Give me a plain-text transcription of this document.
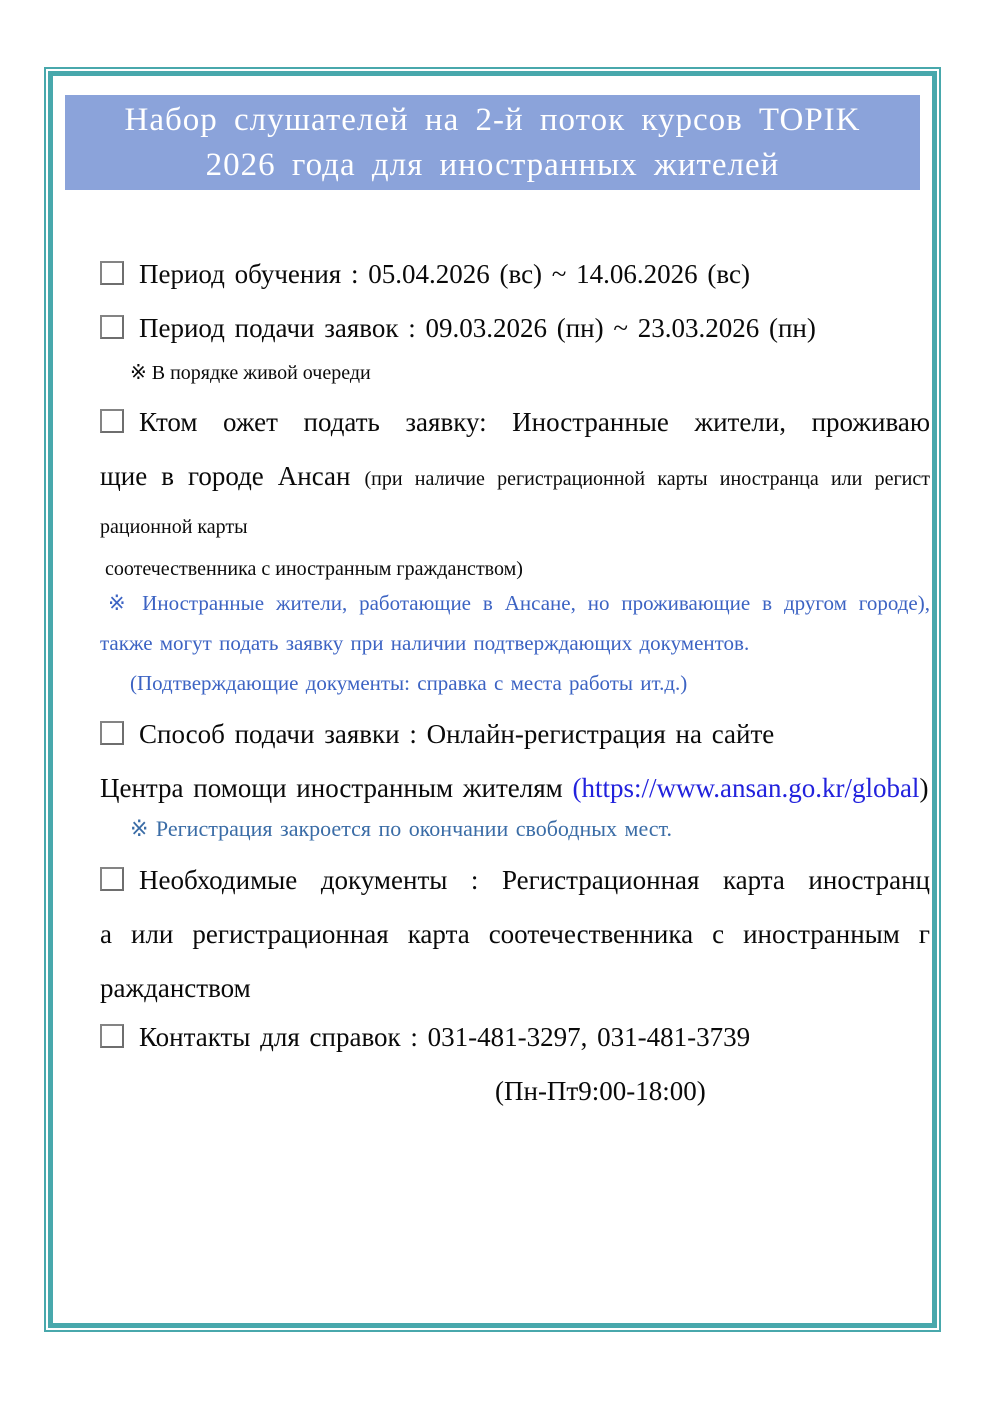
Набор слушателей на 2-й поток курсов TOPIK
2026 года для иностранных жителей
Период обучения : 05.04.2026 (вс) ~ 14.06.2026 (вс)
Период подачи заявок : 09.03.2026 (пн) ~ 23.03.2026 (пн)
※ В порядке живой очереди
Ктом ожет подать заявку: Иностранные жители, проживаю
щие в городе Ансан (при наличие регистрационной карты иностранца или регист
рационной карты
соотечественника с иностранным гражданством)
※ Иностранные жители, работающие в Ансане, но проживающие в другом городе),
также могут подать заявку при наличии подтверждающих документов.
(Подтверждающие документы: справка с места работы ит.д.)
Способ подачи заявки : Онлайн-регистрация на сайте
Центра помощи иностранным жителям (https://www.ansan.go.kr/global)
※ Регистрация закроется по окончании свободных мест.
Необходимые документы : Регистрационная карта иностранц
а или регистрационная карта соотечественника с иностранным г
ражданством
Контакты для справок : 031-481-3297, 031-481-3739
(Пн-Пт9:00-18:00)
